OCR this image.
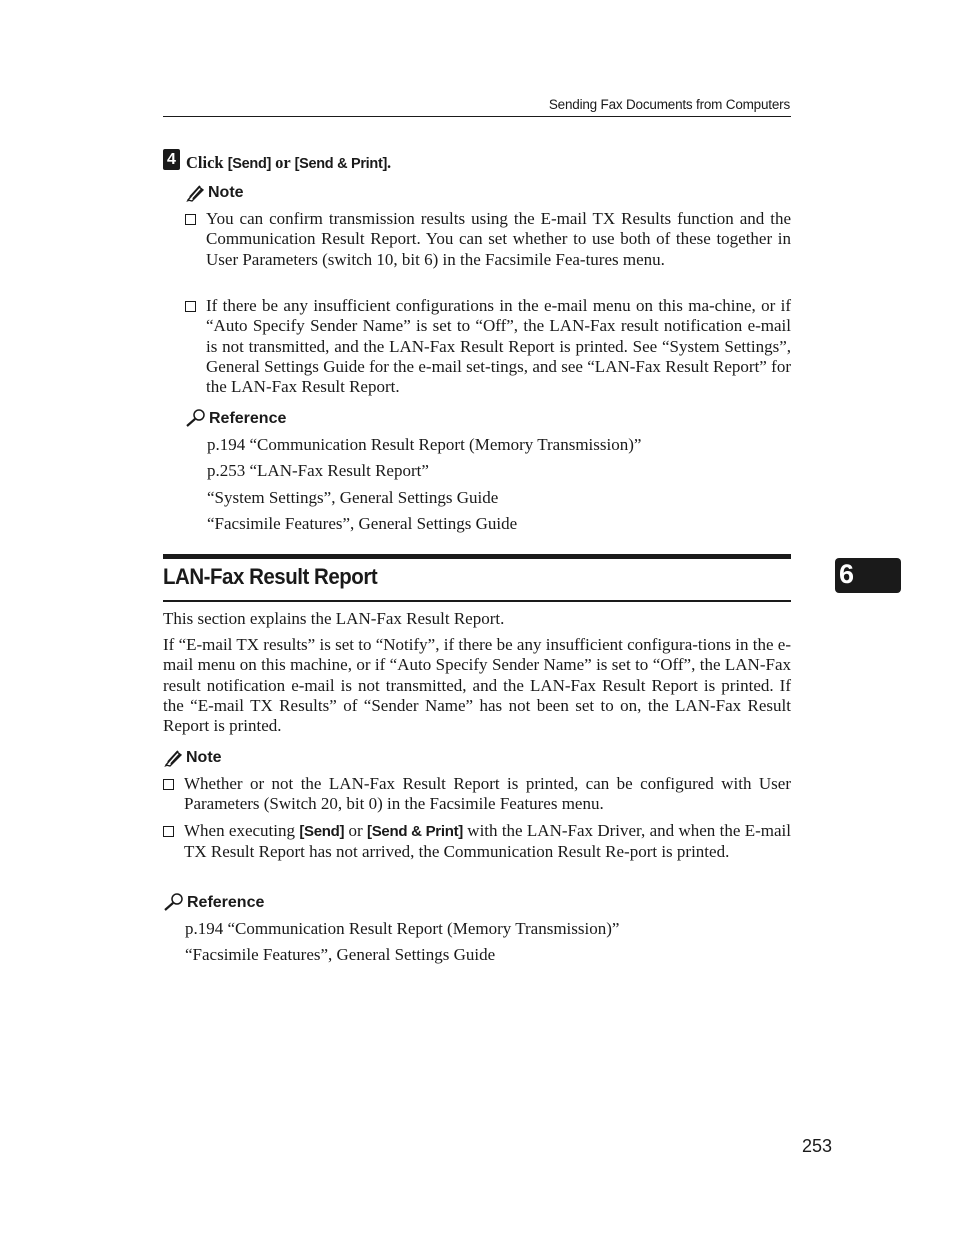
Sending Fax Documents from Computers
4 Click [Send] or [Send & Print].
Note
You can confirm transmission results using the E-mail TX Results function and the Communication Result Report. You can set whether to use both of these together in User Parameters (switch 10, bit 6) in the Facsimile Fea-tures menu.
If there be any insufficient configurations in the e-mail menu on this ma-chine, or if “Auto Specify Sender Name” is set to “Off”, the LAN-Fax result notification e-mail is not transmitted, and the LAN-Fax Result Report is printed. See “System Settings”, General Settings Guide for the e-mail set-tings, and see “LAN-Fax Result Report” for the LAN-Fax Result Report.
Reference
p.194 “Communication Result Report (Memory Transmission)”
p.253 “LAN-Fax Result Report”
“System Settings”, General Settings Guide
“Facsimile Features”, General Settings Guide
LAN-Fax Result Report	6
This section explains the LAN-Fax Result Report.
If “E-mail TX results” is set to “Notify”, if there be any insufficient configura-tions in the e-mail menu on this machine, or if “Auto Specify Sender Name” is set to “Off”, the LAN-Fax result notification e-mail is not transmitted, and the LAN-Fax Result Report is printed. If the “E-mail TX Results” of “Sender Name” has not been set to on, the LAN-Fax Result Report is printed.
Note
Whether or not the LAN-Fax Result Report is printed, can be configured with User Parameters (Switch 20, bit 0) in the Facsimile Features menu.
When executing [Send] or [Send & Print] with the LAN-Fax Driver, and when the E-mail TX Result Report has not arrived, the Communication Result Re-port is printed.
Reference
p.194 “Communication Result Report (Memory Transmission)”
“Facsimile Features”, General Settings Guide
253
